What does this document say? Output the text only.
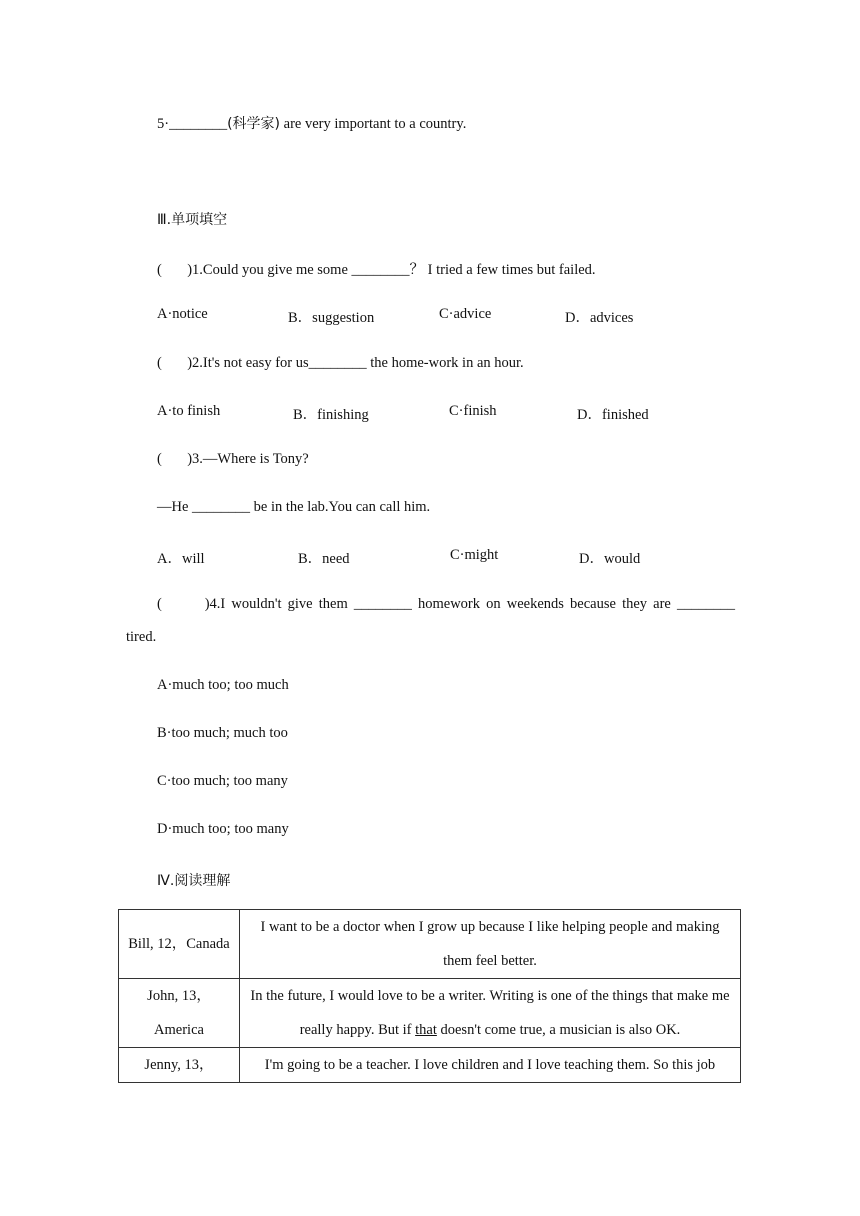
5·________(科学家) are very important to a country.
Ⅲ.单项填空
(       )1.Could you give me some ________？ I tried a few times but failed.
A·notice	B．suggestion	C·advice	D．advices
(       )2.It's not easy for us________ the home-work in an hour.
A·to finish	B．finishing	C·finish	D．finished
(       )3.—Where is Tony?
—He ________ be in the lab.You can call him.
A．will	B．need	C·might	D．would
(       )4.I wouldn't give them ________ homework on weekends because they are ________
tired.
A·much too; too much
B·too much; much too
C·too much; too many
D·much too; too many
Ⅳ.阅读理解
Bill, 12，Canada	I want to be a doctor when I grow up because I like helping people and making them feel better.
John, 13，America	In the future, I would love to be a writer. Writing is one of the things that make me really happy. But if that doesn't come true, a musician is also OK.
Jenny, 13，	I'm going to be a teacher. I love children and I love teaching them. So this job
